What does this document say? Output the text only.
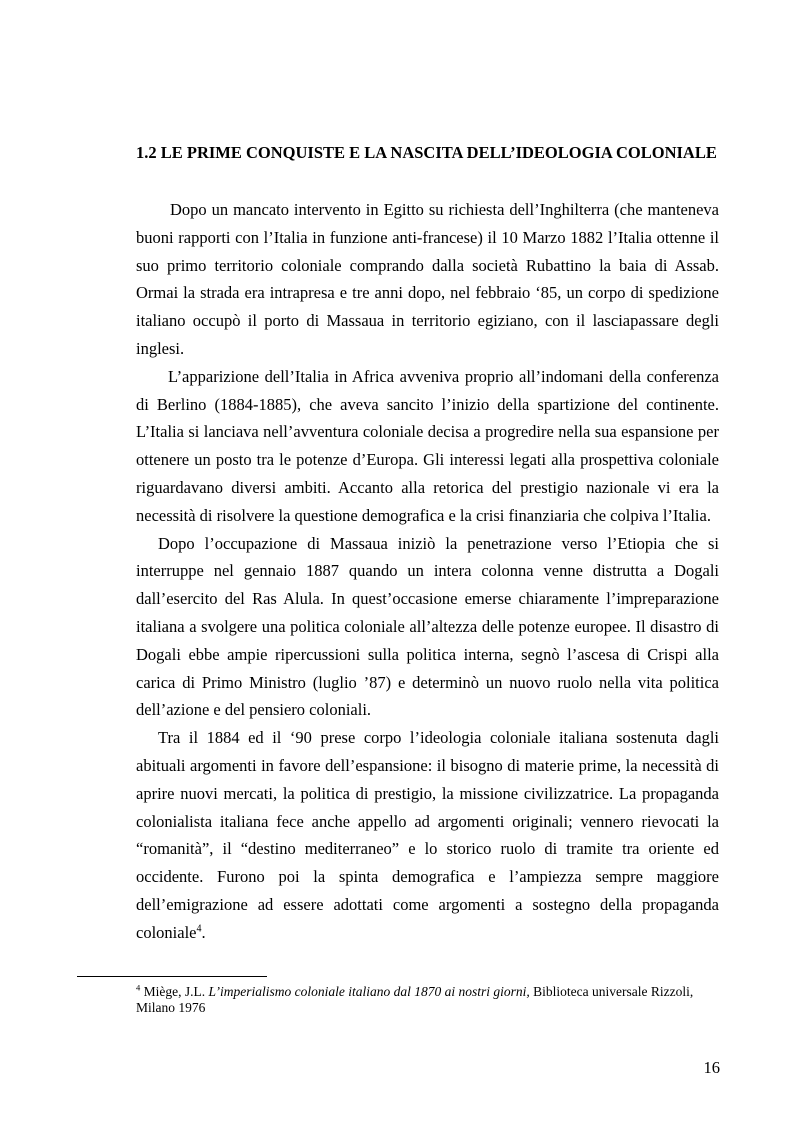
1.2 LE PRIME CONQUISTE E LA NASCITA DELL’IDEOLOGIA COLONIALE

Dopo un mancato intervento in Egitto su richiesta dell’Inghilterra (che manteneva buoni rapporti con l’Italia in funzione anti-francese) il 10 Marzo 1882 l’Italia ottenne il suo primo territorio coloniale comprando dalla società Rubattino la baia di Assab. Ormai la strada era intrapresa e tre anni dopo, nel febbraio ‘85, un corpo di spedizione italiano occupò il porto di Massaua in territorio egiziano, con il lasciapassare degli inglesi.

L’apparizione dell’Italia in Africa avveniva proprio all’indomani della conferenza di Berlino (1884-1885), che aveva sancito l’inizio della spartizione del continente. L’Italia si lanciava nell’avventura coloniale decisa a progredire nella sua espansione per ottenere un posto tra le potenze d’Europa. Gli interessi legati alla prospettiva coloniale riguardavano diversi ambiti. Accanto alla retorica del prestigio nazionale vi era la necessità di risolvere la questione demografica e la crisi finanziaria che colpiva l’Italia.

Dopo l’occupazione di Massaua iniziò la penetrazione verso l’Etiopia che si interruppe nel gennaio 1887 quando un intera colonna venne distrutta a Dogali dall’esercito del Ras Alula. In quest’occasione emerse chiaramente l’impreparazione italiana a svolgere una politica coloniale all’altezza delle potenze europee. Il disastro di Dogali ebbe ampie ripercussioni sulla politica interna, segnò l’ascesa di Crispi alla carica di Primo Ministro (luglio ’87) e determinò un nuovo ruolo nella vita politica dell’azione e del pensiero coloniali.

Tra il 1884 ed il ‘90 prese corpo l’ideologia coloniale italiana sostenuta dagli abituali argomenti in favore dell’espansione: il bisogno di materie prime, la necessità di aprire nuovi mercati, la politica di prestigio, la missione civilizzatrice. La propaganda colonialista italiana fece anche appello ad argomenti originali; vennero rievocati la “romanità”, il “destino mediterraneo” e lo storico ruolo di tramite tra oriente ed occidente. Furono poi la spinta demografica e l’ampiezza sempre maggiore dell’emigrazione ad essere adottati come argomenti a sostegno della propaganda coloniale$^4$.

$^4$ Miège, J.L. L’imperialismo coloniale italiano dal 1870 ai nostri giorni, Biblioteca universale Rizzoli, Milano 1976
16
